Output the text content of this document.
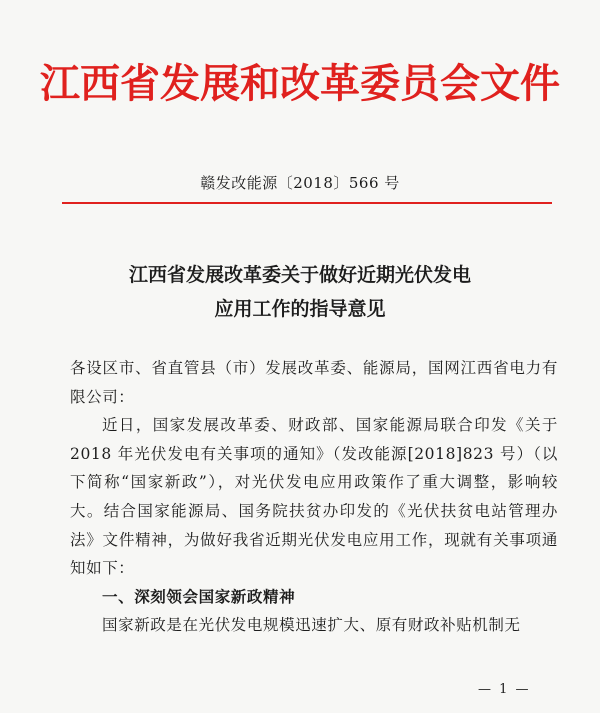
江西省发展和改革委员会文件
赣发改能源〔2018〕566 号
江西省发展改革委关于做好近期光伏发电
应用工作的指导意见

各设区市、省直管县（市）发展改革委、能源局，国网江西省电力有限公司：

近日，国家发展改革委、财政部、国家能源局联合印发《关于 2018 年光伏发电有关事项的通知》（发改能源[2018]823 号）（以下简称“国家新政”），对光伏发电应用政策作了重大调整，影响较大。结合国家能源局、国务院扶贫办印发的《光伏扶贫电站管理办法》文件精神，为做好我省近期光伏发电应用工作，现就有关事项通知如下：

一、深刻领会国家新政精神

国家新政是在光伏发电规模迅速扩大、原有财政补贴机制无

— 1 —
